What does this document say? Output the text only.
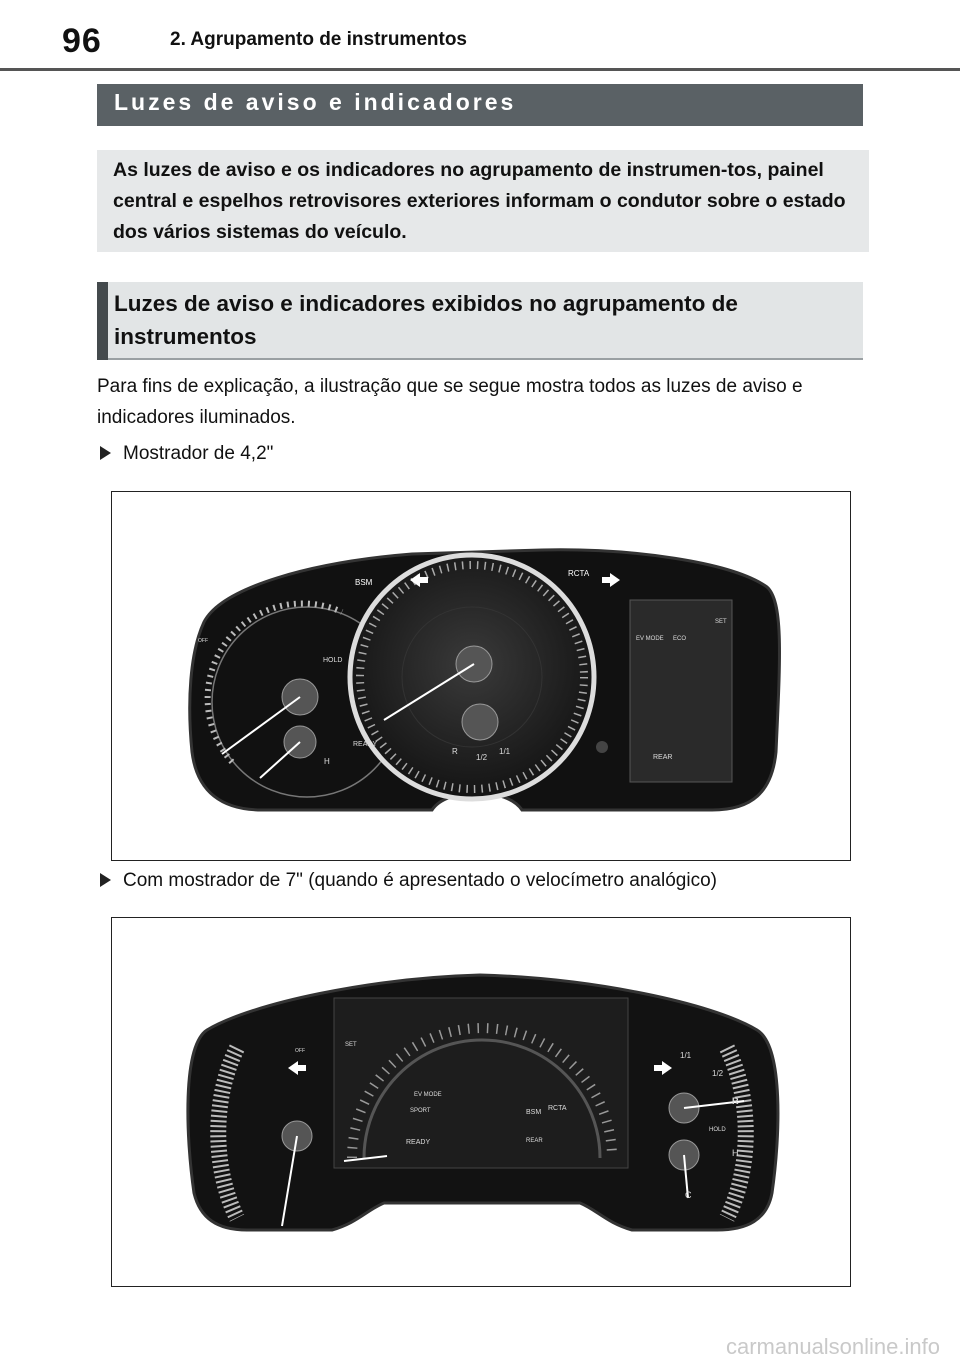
96	2. Agrupamento de instrumentos
Luzes de aviso e indicadores
As luzes de aviso e os indicadores no agrupamento de instrumen-tos, painel central e espelhos retrovisores exteriores informam o condutor sobre o estado dos vários sistemas do veículo.
Luzes de aviso e indicadores exibidos no agrupamento de instrumentos
Para fins de explicação, a ilustração que se segue mostra todos as luzes de aviso e indicadores iluminados.
Mostrador de 4,2"
BSM
RCTA
HOLD
READY
SET
EV MODE ECO
REAR
R
1/2
1/1
H
OFF
Com mostrador de 7" (quando é apresentado o velocímetro analógico)
SET
EV MODE
SPORT	BSM
RCTA
REAR
READY
HOLD
1/1
1/2
R
H
C
OFF
carmanualsonline.info
